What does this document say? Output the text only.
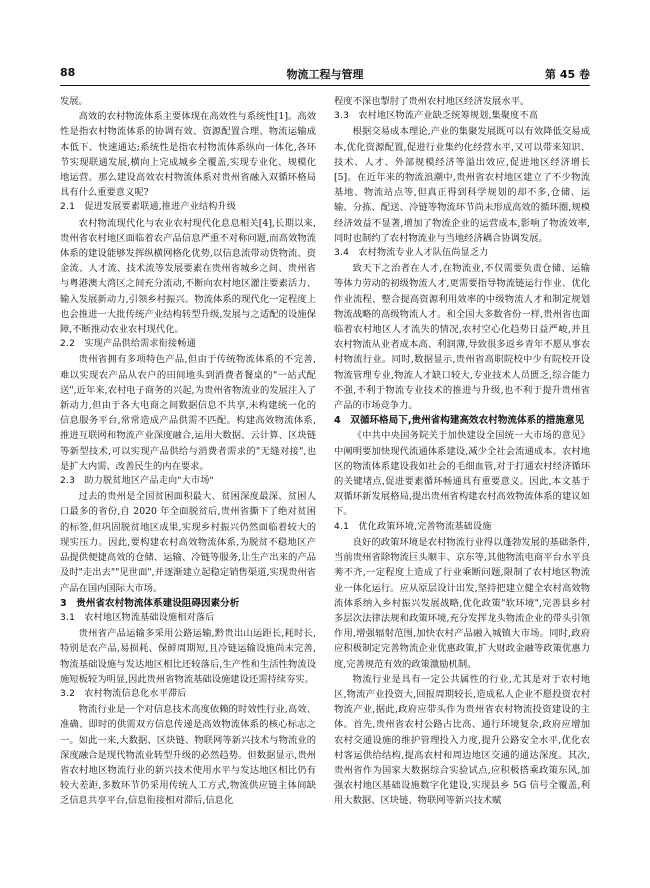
88	物流工程与管理	第 45 卷
发展。
高效的农村物流体系主要体现在高效性与系统性[1]。高效性是指农村物流体系的协调有效、资源配置合理、物流运输成本低下、快速通达;系统性是指农村物流体系纵向一体化,各环节实现联通发展,横向上完成城乡全覆盖,实现专业化、规模化地运营。那么建设高效农村物流体系对贵州省融入双循环格局具有什么重要意义呢?
2.1　促进发展要素联通,推进产业结构升级
农村物流现代化与农业农村现代化息息相关[4],长期以来,贵州省农村地区面临着农产品信息严重不对称问题,而高效物流体系的建设能够发挥纵横网格化优势,以信息流带动货物流、资金流、人才流、技术流等发展要素在贵州省城乡之间、贵州省与粤港澳大湾区之间充分流动,不断向农村地区灌注要素活力、输入发展新动力,引领乡村振兴。物流体系的现代化一定程度上也会推进一大批传统产业结构转型升级,发展与之适配的设施保障,不断推动农业农村现代化。
2.2　实现产品供给需求衔接畅通
贵州省拥有多项特色产品,但由于传统物流体系的不完善,难以实现农产品从农户的田间地头到消费者餐桌的"一站式配送",近年来,农村电子商务的兴起,为贵州省物流业的发展注入了新动力,但由于各大电商之间数据信息不共享,未构建统一化的信息服务平台,常常造成产品供需不匹配。构建高效物流体系,推进互联网和物流产业深度融合,运用大数据、云计算、区块链等新型技术,可以实现产品供给与消费者需求的"无缝对接",也是扩大内需、改善民生的内在要求。
2.3　助力脱贫地区产品走向"大市场"
过去的贵州是全国贫困面积最大、贫困深度最深、贫困人口最多的省份,自 2020 年全面脱贫后,贵州省撕下了绝对贫困的标签,但巩固脱贫地区成果,实现乡村振兴仍然面临着较大的现实压力。因此,要构建农村高效物流体系,为脱贫不稳地区产品提供便捷高效的仓储、运输、冷链等服务,让生产出来的产品及时"走出去""见世面",并逐渐建立起稳定销售渠道,实现贵州省产品在国内国际大市场。
3　贵州省农村物流体系建设阻碍因素分析
3.1　农村地区物流基础设施相对落后
贵州省产品运输多采用公路运输,黔贵出山运距长,耗时长,特别是农产品,易损耗、保鲜周期短,且冷链运输设施尚未完善,物流基础设施与发达地区相比还较落后,生产性和生活性物流设施短板较为明显,因此贵州省物流基础设施建设还需持续夯实。
3.2　农村物流信息化水平滞后
物流行业是一个对信息技术高度依赖的时效性行业,高效、准确、即时的供需双方信息传递是高效物流体系的核心标志之一。如此一来,大数据、区块链、物联网等新兴技术与物流业的深度融合是现代物流业转型升级的必然趋势。但数据显示,贵州省农村地区物流行业的新兴技术使用水平与发达地区相比仍有较大差距,多数环节仍采用传统人工方式,物流供应链主体间缺乏信息共享平台,信息衔接相对滞后,信息化
程度不深也掣肘了贵州农村地区经济发展水平。
3.3　农村地区物流产业缺乏统筹规划,集聚度不高
根据交易成本理论,产业的集聚发展既可以有效降低交易成本,优化资源配置,促进行业集约化经营水平,又可以带来知识、技术、人才、外部规模经济等溢出效应,促进地区经济增长[5]。在近年来的物流浪潮中,贵州省农村地区建立了不少物流基地、物流站点等,但真正得到科学规划的却不多,仓储、运输、分拣、配送、冷链等物流环节尚未形成高效的循环圈,规模经济效益不显著,增加了物流企业的运营成本,影响了物流效率,同时也制约了农村物流业与当地经济耦合协调发展。
3.4　农村物流专业人才队伍尚显乏力
致天下之治者在人才,在物流业,不仅需要负责仓储、运输等体力劳动的初级物流人才,更需要指导物流链运行作业、优化作业流程、整合提高资源利用效率的中级物流人才和制定规划物流战略的高级物流人才。和全国大多数省份一样,贵州省也面临着农村地区人才流失的情况,农村空心化趋势日益严峻,并且农村物流从业者成本高、利润薄,导致很多返乡青年不愿从事农村物流行业。同时,数据显示,贵州省高职院校中少有院校开设物流管理专业,物流人才缺口较大,专业技术人员匮乏,综合能力不强,不利于物流专业技术的推进与升级,也不利于提升贵州省产品的市场竞争力。
4　双循环格局下,贵州省构建高效农村物流体系的措施意见
《中共中央国务院关于加快建设全国统一大市场的意见》中阐明要加快现代流通体系建设,减少全社会流通成本。农村地区的物流体系建设我如社会的毛细血管,对于打通农村经济循环的关键堵点,促进要素循环畅通具有重要意义。因此,本文基于双循环新发展格局,提出贵州省构建农村高效物流体系的建议如下。
4.1　优化政策环境,完善物流基础设施
良好的政策环境是农村物流行业得以蓬勃发展的基础条件,当前贵州省除物流巨头顺丰、京东等,其他物流电商平台水平良莠不齐,一定程度上造成了行业乘断问题,限制了农村地区物流业一体化运行。应从原层设计出发,坚持把建立健全农村高效物流体系纳入乡村振兴发展战略,优化政策"软环境",完善县乡村多层次法律法规和政策环境,充分发挥龙头物流企业的带头引领作用,增强辐射范围,加快农村产品融入城镇大市场。同时,政府应积极制定完善物流企业优惠政策,扩大财政金融等政策优惠力度,完善规范有效的政策激励机制。
物流行业是具有一定公共属性的行业,尤其是对于农村地区,物流产业投资大,回报周期较长,造成私人企业不愿投资农村物流产业,据此,政府应带头作为贵州省农村物流投资建设的主体。首先,贵州省农村公路占比高、通行环境复杂,政府应增加农村交通设施的维护管理投入力度,提升公路安全水平,优化农村客运供给结构,提高农村和周边地区交通的通达深度。其次,贵州省作为国家大数据综合实验试点,应积极搭乘政策东风,加强农村地区基础设施数字化建设,实现县乡 5G 信号全覆盖,利用大数据、区块链、物联网等新兴技术赋
